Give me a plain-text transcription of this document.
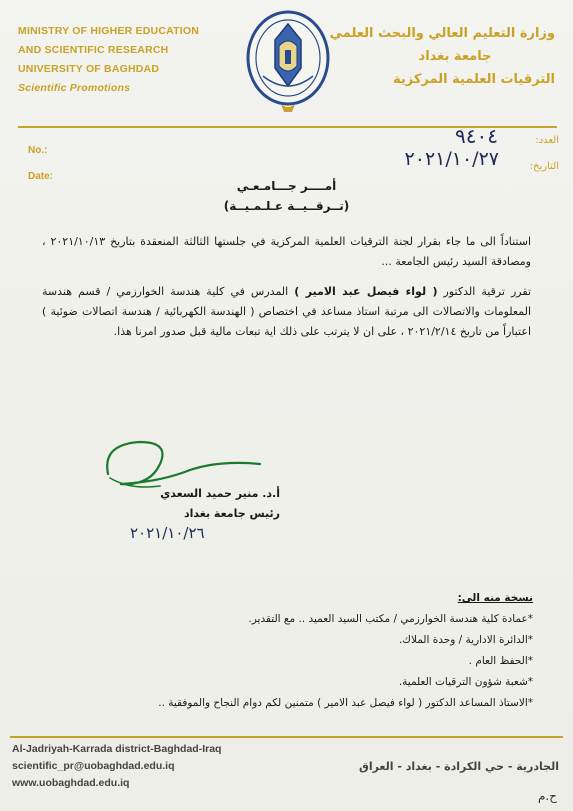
MINISTRY OF HIGHER EDUCATION
AND SCIENTIFIC RESEARCH
UNIVERSITY OF BAGHDAD
Scientific Promotions
وزارة التعليم العالي والبحث العلمي
جامعة بغداد
الترقيات العلمية المركزية
No.:
Date:
العدد:
التاريخ:
٩٤٠٤
٢٠٢١/١٠/٢٧
أمــــر جـــامـعـي
(تــرقــيــة عـلـمـيــة)

استناداً الى ما جاء بقرار لجنة الترقيات العلمية المركزية في جلستها الثالثة المنعقدة بتاريخ ٢٠٢١/١٠/١٣ ، ومصادقة السيد رئيس الجامعة ...

تقرر ترقية الدكتور ( لواء فيصل عبد الامير ) المدرس في كلية هندسة الخوارزمي / قسم هندسة المعلومات والاتصالات الى مرتبة استاذ مساعد في اختصاص ( الهندسة الكهربائية / هندسة اتصالات ضوئية ) اعتباراً من تاريخ ٢٠٢١/٢/١٤ ، على ان لا يترتب على ذلك اية تبعات مالية قبل صدور امرنا هذا.

أ.د. منير حميد السعدي
رئيس جامعة بغداد
٢٠٢١/١٠/٢٦
نسخة منه الى:
*عمادة كلية هندسة الخوارزمي / مكتب السيد العميد .. مع التقدير.
*الدائرة الادارية / وحدة الملاك.
*الحفظ العام .
*شعبة شؤون الترقيات العلمية.
*الاستاذ المساعد الدكتور ( لواء فيصل عبد الامير ) متمنين لكم دوام النجاح والموفقية ..
Al-Jadriyah-Karrada district-Baghdad-Iraq
scientific_pr@uobaghdad.edu.iq
www.uobaghdad.edu.iq
الجادرية - حي الكرادة - بغداد - العراق
ح.م
